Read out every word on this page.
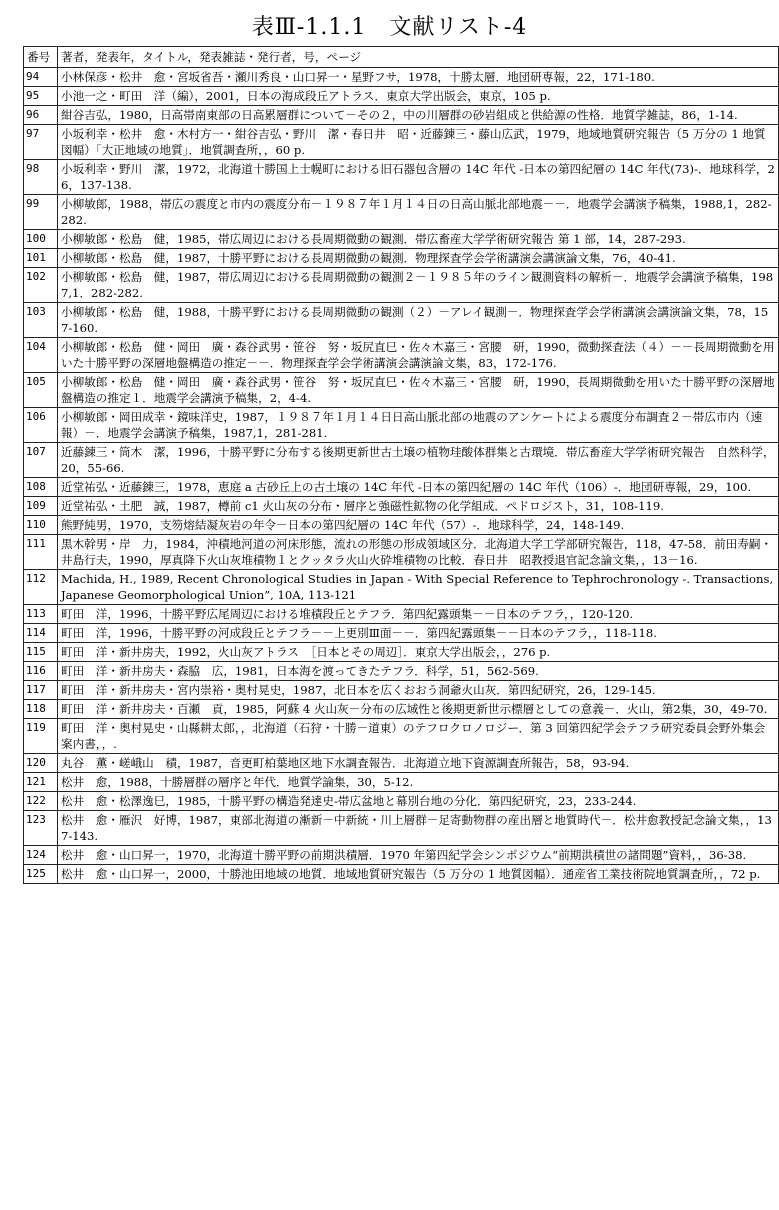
表Ⅲ-1.1.1　文献リスト-4
番号	著者，発表年，タイトル，発表雑誌・発行者，号，ページ
94	小林保彦・松井　愈・宮坂省吾・瀬川秀良・山口昇一・星野フサ，1978，十勝太層．地団研専報，22，171-180.
95	小池一之・町田　洋（編），2001，日本の海成段丘アトラス．東京大学出版会，東京，105 p.
96	紺谷吉弘，1980，日高帯南東部の日高累層群について－その２，中の川層群の砂岩組成と供給源の性格．地質学雑誌，86，1-14.
97	小坂利幸・松井　愈・木村方一・紺谷吉弘・野川　潔・春日井　昭・近藤錬三・藤山広武，1979，地域地質研究報告（5 万分の 1 地質図幅）「大正地域の地質」．地質調査所，，60 p.
98	小坂利幸・野川　潔，1972，北海道十勝国上士幌町における旧石器包含層の 14C 年代 -日本の第四紀層の 14C 年代(73)-．地球科学，26，137-138.
99	小柳敏郎，1988，帯広の震度と市内の震度分布－１９８７年１月１４日の日高山脈北部地震－－．地震学会講演予稿集，1988,1，282-282.
100	小柳敏郎・松島　健，1985，帯広周辺における長周期微動の観測．帯広畜産大学学術研究報告 第 1 部，14，287-293.
101	小柳敏郎・松島　健，1987，十勝平野における長周期微動の観測．物理探査学会学術講演会講演論文集，76，40-41.
102	小柳敏郎・松島　健，1987，帯広周辺における長周期微動の観測２－１９８５年のライン観測資料の解析－．地震学会講演予稿集，1987,1．282-282.
103	小柳敏郎・松島　健，1988，十勝平野における長周期微動の観測（２）－アレイ観測－．物理探査学会学術講演会講演論文集，78，157-160.
104	小柳敏郎・松島　健・岡田　廣・森谷武男・笹谷　努・坂尻直巳・佐々木嘉三・宮腰　研，1990，微動探査法（４）－－長周期微動を用いた十勝平野の深層地盤構造の推定－－．物理探査学会学術講演会講演論文集，83，172-176.
105	小柳敏郎・松島　健・岡田　廣・森谷武男・笹谷　努・坂尻直巳・佐々木嘉三・宮腰　研，1990，長周期微動を用いた十勝平野の深層地盤構造の推定１．地震学会講演予稿集，2，4-4.
106	小柳敏郎・岡田成幸・鏡味洋史，1987，１９８７年１月１４日日高山脈北部の地震のアンケートによる震度分布調査２－帯広市内（速報）－．地震学会講演予稿集，1987,1，281-281.
107	近藤錬三・筒木　潔，1996，十勝平野に分布する後期更新世古土壌の植物珪酸体群集と古環境．帯広畜産大学学術研究報告　自然科学，20，55-66.
108	近堂祐弘・近藤錬三，1978，恵庭 a 古砂丘上の古土壌の 14C 年代 -日本の第四紀層の 14C 年代（106）-．地団研専報，29，100.
109	近堂祐弘・土肥　誠，1987，樽前 c1 火山灰の分布・層序と強磁性鉱物の化学組成．ペドロジスト，31，108-119.
110	熊野純男，1970，支笏熔結凝灰岩の年令－日本の第四紀層の 14C 年代（57）-．地球科学，24，148-149.
111	黒木幹男・岸　力，1984，沖積地河道の河床形態，流れの形態の形成領域区分．北海道大学工学部研究報告，118，47-58．前田寿嗣・井島行夫，1990，厚真降下火山灰堆積物１とクッタラ火山火砕堆積物の比較．春日井　昭教授退官記念論文集，，13－16.
112	Machida, H., 1989, Recent Chronological Studies in Japan - With Special Reference to Tephrochronology -. Transactions, Japanese Geomorphological Union”, 10A, 113-121
113	町田　洋，1996，十勝平野広尾周辺における堆積段丘とテフラ．第四紀露頭集－－日本のテフラ，，120-120.
114	町田　洋，1996，十勝平野の河成段丘とテフラ－－上更別Ⅲ面－－．第四紀露頭集－－日本のテフラ，，118-118.
115	町田　洋・新井房夫，1992，火山灰アトラス　［日本とその周辺］．東京大学出版会，，276 p.
116	町田　洋・新井房夫・森脇　広，1981，日本海を渡ってきたテフラ．科学，51，562-569.
117	町田　洋・新井房夫・宮内崇裕・奥村晃史，1987，北日本を広くおおう洞爺火山灰．第四紀研究，26，129-145.
118	町田　洋・新井房夫・百瀬　貢，1985，阿蘇 4 火山灰－分布の広域性と後期更新世示標層としての意義－．火山，第2集，30，49-70.
119	町田　洋・奥村晃史・山縣耕太郎，，北海道（石狩・十勝－道東）のテフロクロノロジー．第 3 回第四紀学会テフラ研究委員会野外集会案内書，，.
120	丸谷　薫・嵯峨山　積，1987，音更町柏葉地区地下水調査報告．北海道立地下資源調査所報告，58，93-94.
121	松井　愈，1988，十勝層群の層序と年代．地質学論集，30，5-12.
122	松井　愈・松澤逸巳，1985，十勝平野の構造発達史-帯広盆地と幕別台地の分化．第四紀研究，23，233-244.
123	松井　愈・雁沢　好博，1987，東部北海道の漸新－中新統・川上層群－足寄動物群の産出層と地質時代－．松井愈教授記念論文集，，137-143.
124	松井　愈・山口昇一，1970，北海道十勝平野の前期洪積層．1970 年第四紀学会シンポジウム“前期洪積世の諸問題”資料，，36-38.
125	松井　愈・山口昇一，2000，十勝池田地域の地質．地域地質研究報告（5 万分の 1 地質図幅）．通産省工業技術院地質調査所，，72 p.
